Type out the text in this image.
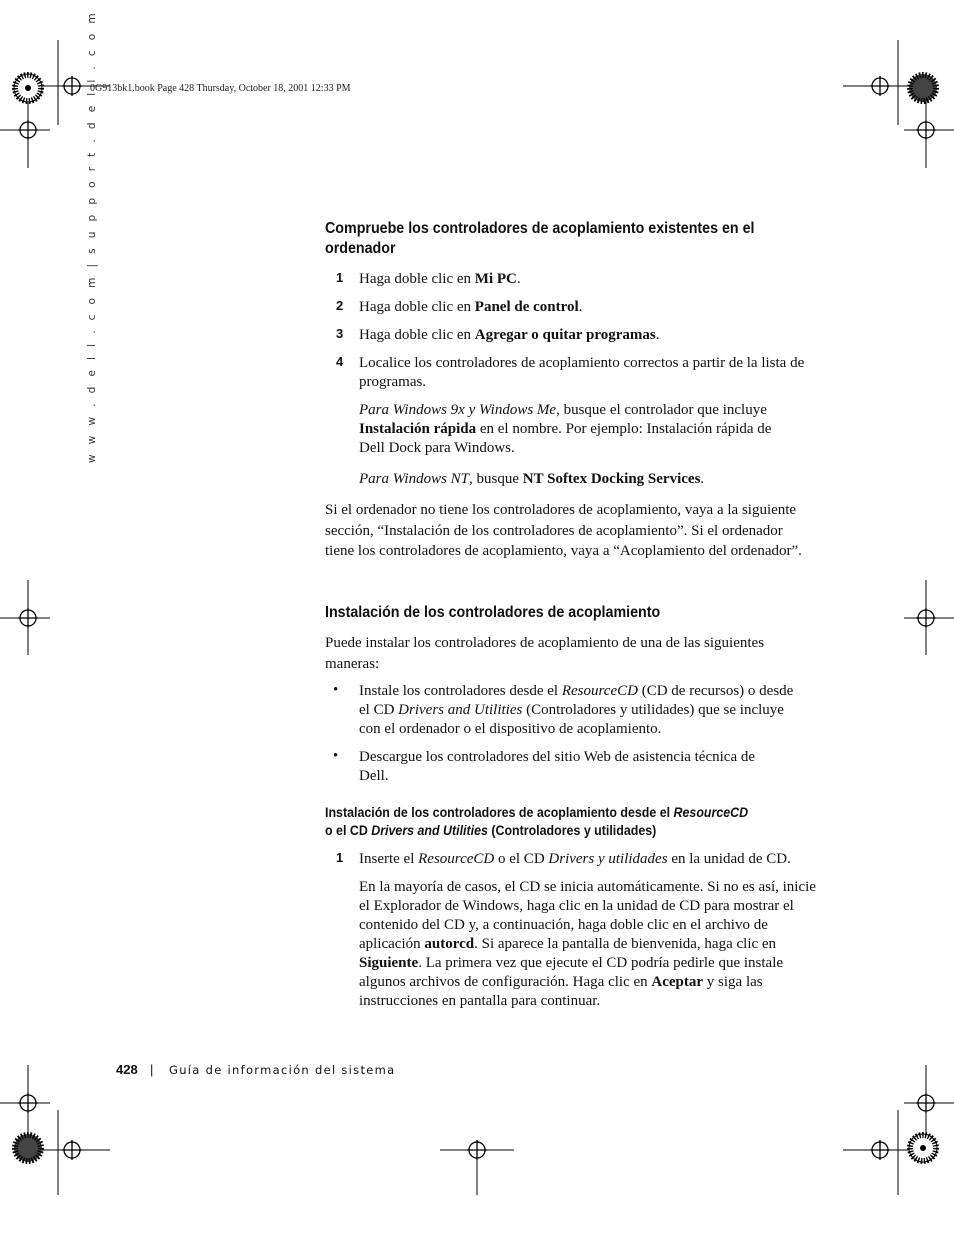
0G913bk1.book Page 428 Thursday, October 18, 2001 12:33 PM
w w w . d e l l . c o m | s u p p o r t . d e l l . c o m	Compruebe los controladores de acoplamiento existentes en el ordenador
1 Haga doble clic en Mi PC.
2 Haga doble clic en Panel de control.
3 Haga doble clic en Agregar o quitar programas.
4 Localice los controladores de acoplamiento correctos a partir de la lista de programas.
Para Windows 9x y Windows Me, busque el controlador que incluye Instalación rápida en el nombre. Por ejemplo: Instalación rápida de Dell Dock para Windows.
Para Windows NT, busque NT Softex Docking Services.
Si el ordenador no tiene los controladores de acoplamiento, vaya a la siguiente sección, “Instalación de los controladores de acoplamiento”. Si el ordenador tiene los controladores de acoplamiento, vaya a “Acoplamiento del ordenador”.
Instalación de los controladores de acoplamiento
Puede instalar los controladores de acoplamiento de una de las siguientes maneras:
• Instale los controladores desde el ResourceCD (CD de recursos) o desde el CD Drivers and Utilities (Controladores y utilidades) que se incluye con el ordenador o el dispositivo de acoplamiento.
• Descargue los controladores del sitio Web de asistencia técnica de Dell.
Instalación de los controladores de acoplamiento desde el ResourceCD
o el CD Drivers and Utilities (Controladores y utilidades)
1 Inserte el ResourceCD o el CD Drivers y utilidades en la unidad de CD.
En la mayoría de casos, el CD se inicia automáticamente. Si no es así, inicie el Explorador de Windows, haga clic en la unidad de CD para mostrar el contenido del CD y, a continuación, haga doble clic en el archivo de aplicación autorcd. Si aparece la pantalla de bienvenida, haga clic en Siguiente. La primera vez que ejecute el CD podría pedirle que instale algunos archivos de configuración. Haga clic en Aceptar y siga las instrucciones en pantalla para continuar.
428 | Guía de información del sistema
